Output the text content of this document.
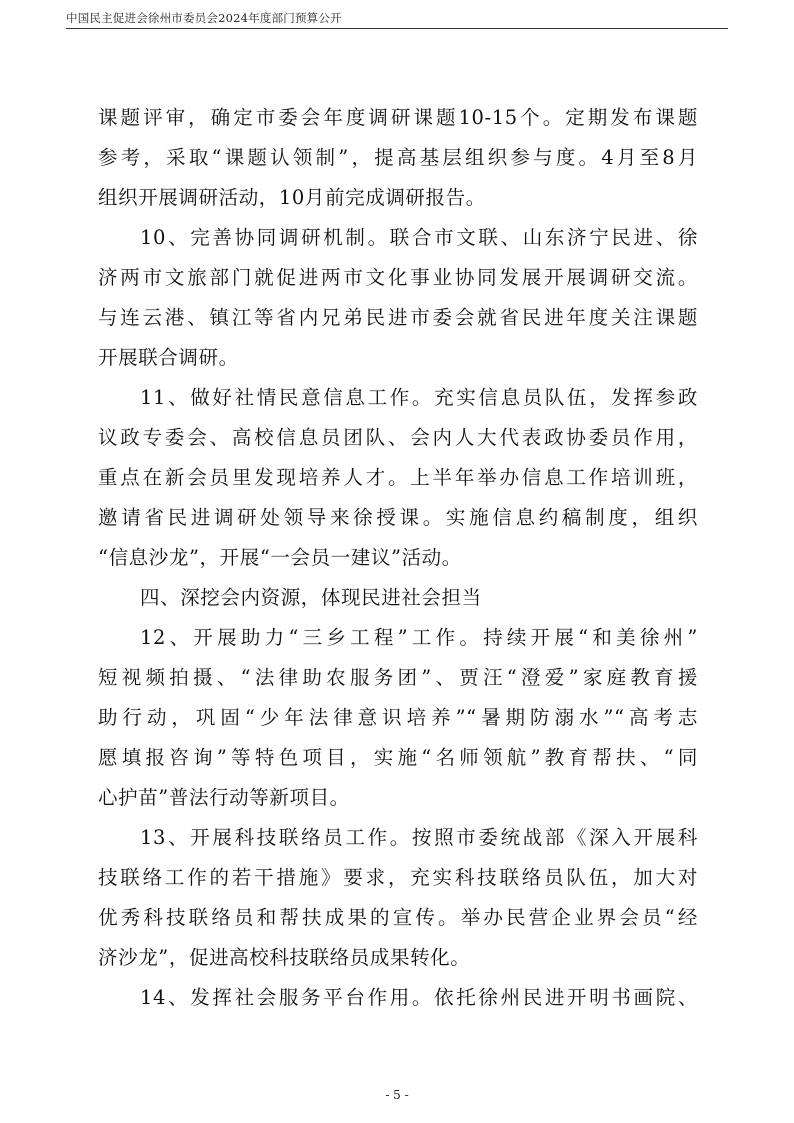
中国民主促进会徐州市委员会2024年度部门预算公开
课题评审，确定市委会年度调研课题10-15个。定期发布课题
参考，采取“课题认领制”，提高基层组织参与度。4月至8月
组织开展调研活动，10月前完成调研报告。
10、完善协同调研机制。联合市文联、山东济宁民进、徐
济两市文旅部门就促进两市文化事业协同发展开展调研交流。
与连云港、镇江等省内兄弟民进市委会就省民进年度关注课题
开展联合调研。
11、做好社情民意信息工作。充实信息员队伍，发挥参政
议政专委会、高校信息员团队、会内人大代表政协委员作用，
重点在新会员里发现培养人才。上半年举办信息工作培训班，
邀请省民进调研处领导来徐授课。实施信息约稿制度，组织
“信息沙龙”，开展“一会员一建议”活动。
四、深挖会内资源，体现民进社会担当
12、开展助力“三乡工程”工作。持续开展“和美徐州”
短视频拍摄、“法律助农服务团”、贾汪“澄爱”家庭教育援
助行动，巩固“少年法律意识培养”“暑期防溺水”“高考志
愿填报咨询”等特色项目，实施“名师领航”教育帮扶、“同
心护苗”普法行动等新项目。
13、开展科技联络员工作。按照市委统战部《深入开展科
技联络工作的若干措施》要求，充实科技联络员队伍，加大对
优秀科技联络员和帮扶成果的宣传。举办民营企业界会员“经
济沙龙”，促进高校科技联络员成果转化。
14、发挥社会服务平台作用。依托徐州民进开明书画院、
- 5 -
